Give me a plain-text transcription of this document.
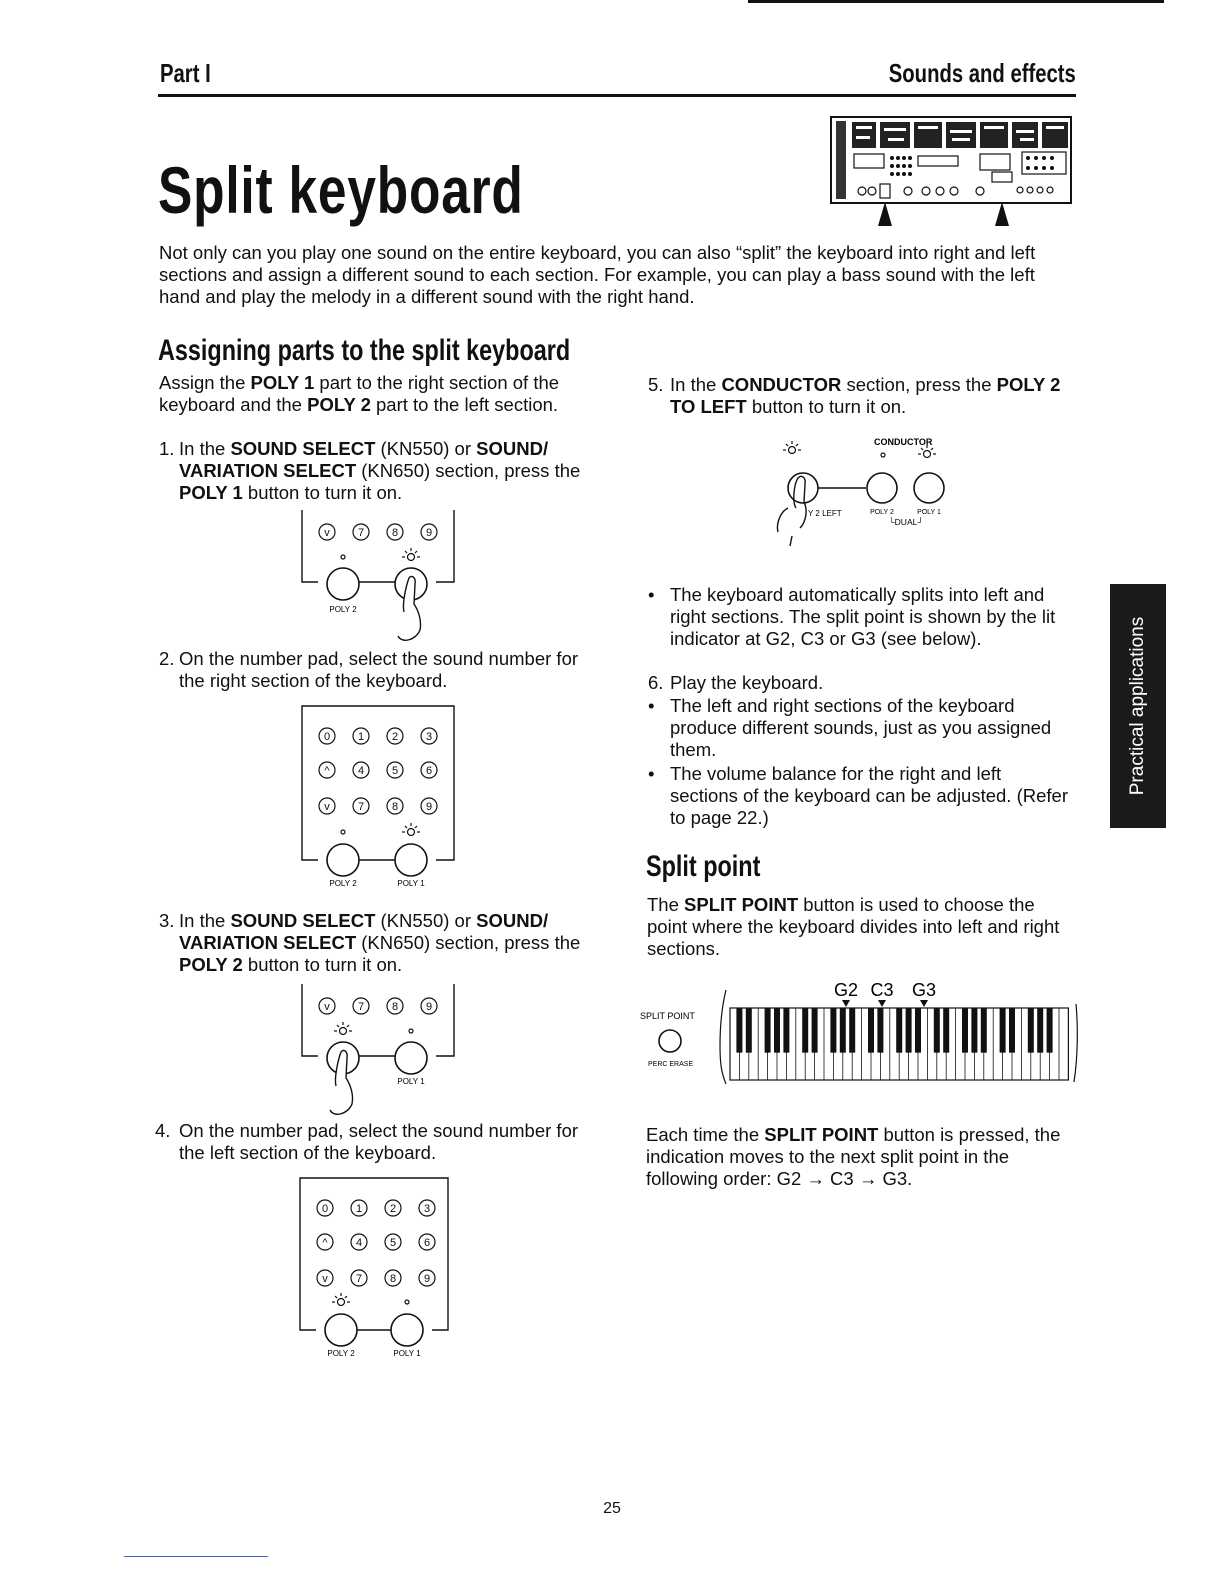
Part I	Sounds and effects
Split keyboard
Not only can you play one sound on the entire keyboard, you can also “split” the keyboard into right and left sections and assign a different sound to each section. For example, you can play a bass sound with the left hand and play the melody in a different sound with the right hand.
Assigning parts to the split keyboard
Assign the POLY 1 part to the right section of the keyboard and the POLY 2 part to the left section.
1. In the SOUND SELECT (KN550) or SOUND/ VARIATION SELECT (KN650) section, press the POLY 1 button to turn it on.
v	7	8	9
POLY 2
2. On the number pad, select the sound number for the right section of the keyboard.
0	1	2	3
^	4	5	6
v	7	8	9
POLY 2	POLY 1
3. In the SOUND SELECT (KN550) or SOUND/ VARIATION SELECT (KN650) section, press the POLY 2 button to turn it on.
v	7	8	9
POLY 1
4. On the number pad, select the sound number for the left section of the keyboard.
0	1	2	3
^	4	5	6
v	7	8	9
POLY 2	POLY 1
5. In the CONDUCTOR section, press the POLY 2 TO LEFT button to turn it on.
CONDUCTOR
Y 2 LEFT	POLY 2	POLY 1
└DUAL┘
• The keyboard automatically splits into left and right sections. The split point is shown by the lit indicator at G2, C3 or G3 (see below).
6. Play the keyboard.
• The left and right sections of the keyboard produce different sounds, just as you assigned them.
• The volume balance for the right and left sections of the keyboard can be adjusted. (Refer to page 22.)
Split point
The SPLIT POINT button is used to choose the point where the keyboard divides into left and right sections.
G2 C3 G3
SPLIT POINT
PERC ERASE
Each time the SPLIT POINT button is pressed, the indication moves to the next split point in the following order: G2 → C3 → G3.
Practical applications
25
